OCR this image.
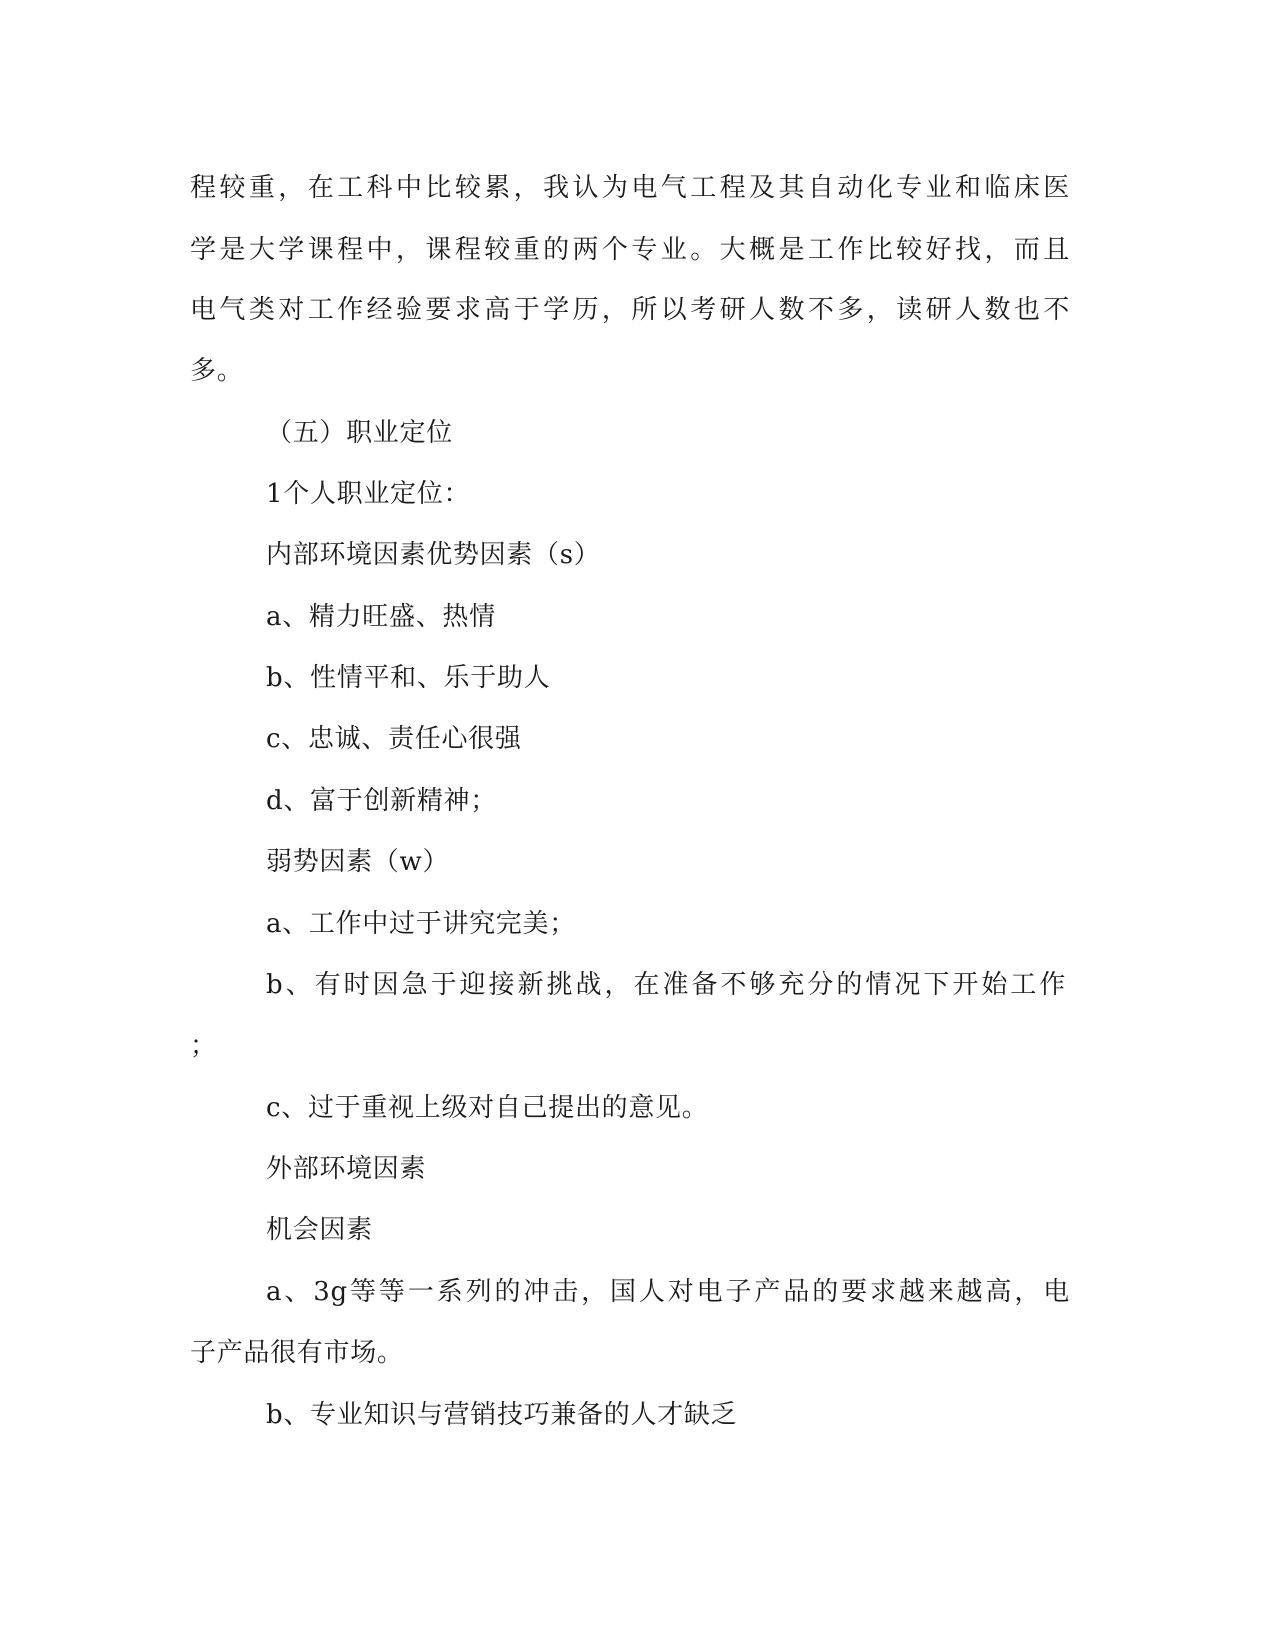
程较重，在工科中比较累，我认为电气工程及其自动化专业和临床医

学是大学课程中，课程较重的两个专业。大概是工作比较好找，而且

电气类对工作经验要求高于学历，所以考研人数不多，读研人数也不

多。

（五）职业定位

1个人职业定位：

内部环境因素优势因素（s）

a、精力旺盛、热情

b、性情平和、乐于助人

c、忠诚、责任心很强

d、富于创新精神；

弱势因素（w）

a、工作中过于讲究完美；

b、有时因急于迎接新挑战，在准备不够充分的情况下开始工作

；

c、过于重视上级对自己提出的意见。

外部环境因素

机会因素

a、3g等等一系列的冲击，国人对电子产品的要求越来越高，电

子产品很有市场。

b、专业知识与营销技巧兼备的人才缺乏
